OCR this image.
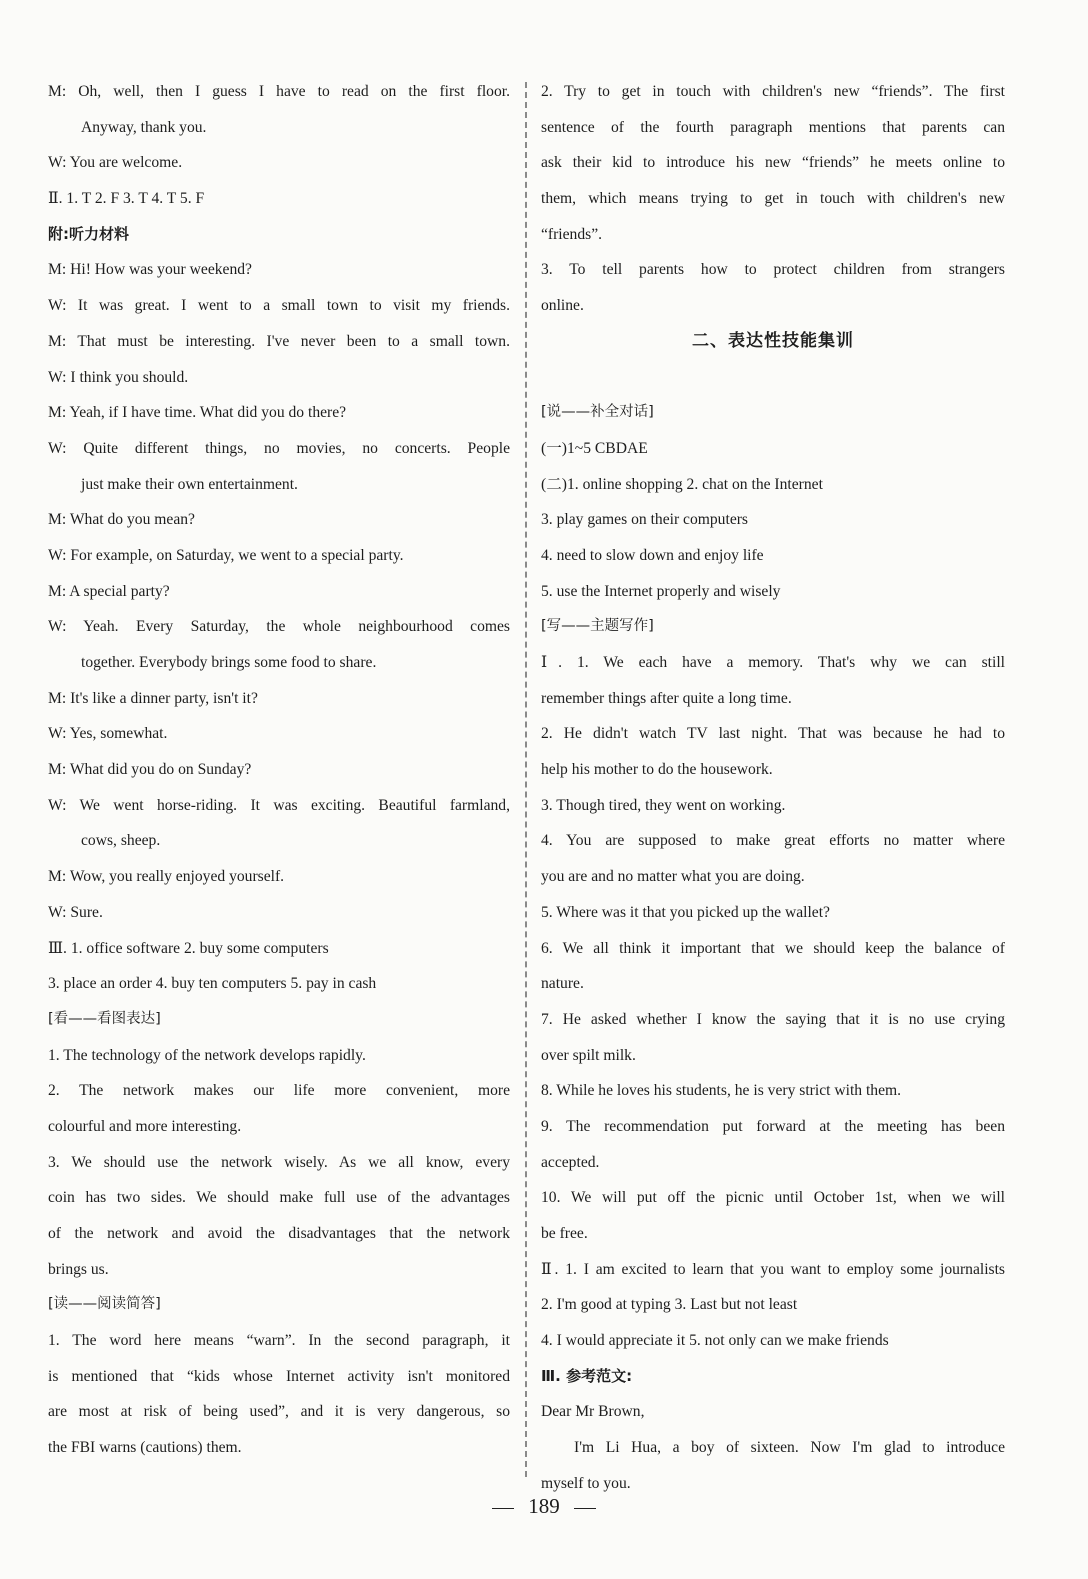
M: Oh, well, then I guess I have to read on the first floor.
Anyway, thank you.
W: You are welcome.
Ⅱ. 1. T 2. F 3. T 4. T 5. F
附:听力材料
M: Hi! How was your weekend?
W: It was great. I went to a small town to visit my friends.
M: That must be interesting. I've never been to a small town.
W: I think you should.
M: Yeah, if I have time. What did you do there?
W: Quite different things, no movies, no concerts. People
just make their own entertainment.
M: What do you mean?
W: For example, on Saturday, we went to a special party.
M: A special party?
W: Yeah. Every Saturday, the whole neighbourhood comes
together. Everybody brings some food to share.
M: It's like a dinner party, isn't it?
W: Yes, somewhat.
M: What did you do on Sunday?
W: We went horse-riding. It was exciting. Beautiful farmland,
cows, sheep.
M: Wow, you really enjoyed yourself.
W: Sure.
Ⅲ. 1. office software 2. buy some computers
3. place an order 4. buy ten computers 5. pay in cash
[看——看图表达]
1. The technology of the network develops rapidly.
2. The network makes our life more convenient, more
colourful and more interesting.
3. We should use the network wisely. As we all know, every
coin has two sides. We should make full use of the advantages
of the network and avoid the disadvantages that the network
brings us.
[读——阅读简答]
1. The word here means “warn”. In the second paragraph, it
is mentioned that “kids whose Internet activity isn't monitored
are most at risk of being used”, and it is very dangerous, so
the FBI warns (cautions) them.
2. Try to get in touch with children's new “friends”. The first
sentence of the fourth paragraph mentions that parents can
ask their kid to introduce his new “friends” he meets online to
them, which means trying to get in touch with children's new
“friends”.
3. To tell parents how to protect children from strangers
online.
二、表达性技能集训
[说——补全对话]
(一)1~5 CBDAE
(二)1. online shopping 2. chat on the Internet
3. play games on their computers
4. need to slow down and enjoy life
5. use the Internet properly and wisely
[写——主题写作]
Ⅰ. 1. We each have a memory. That's why we can still
remember things after quite a long time.
2. He didn't watch TV last night. That was because he had to
help his mother to do the housework.
3. Though tired, they went on working.
4. You are supposed to make great efforts no matter where
you are and no matter what you are doing.
5. Where was it that you picked up the wallet?
6. We all think it important that we should keep the balance of
nature.
7. He asked whether I know the saying that it is no use crying
over spilt milk.
8. While he loves his students, he is very strict with them.
9. The recommendation put forward at the meeting has been
accepted.
10. We will put off the picnic until October 1st, when we will
be free.
Ⅱ. 1. I am excited to learn that you want to employ some journalists
2. I'm good at typing 3. Last but not least
4. I would appreciate it 5. not only can we make friends
Ⅲ. 参考范文:
Dear Mr Brown,
I'm Li Hua, a boy of sixteen. Now I'm glad to introduce
myself to you.
189
